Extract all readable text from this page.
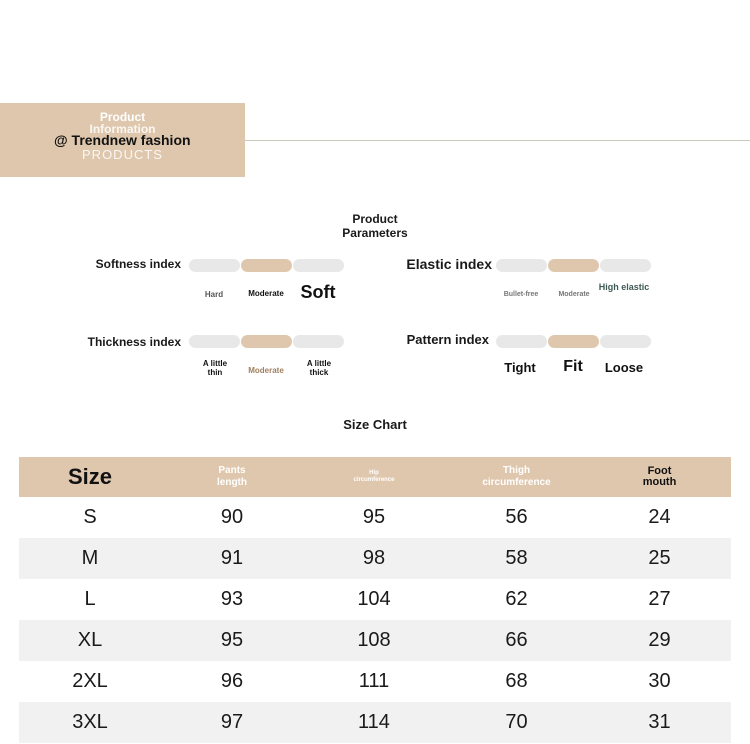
Product
Information
PRODUCTS
@ Trendnew fashion
Product
Parameters
Softness index
Hard	Moderate Soft
Elastic index
Bullet-free	Moderate
High elastic
Thickness index
A little thin	Moderate
A little thick
Pattern index
Tight	Fit	Loose
Size Chart
Size	Pants length	Hip circumference	Thigh circumference	Foot mouth

S	90	95	56	24
M	91	98	58	25
L	93	104	62	27
XL	95	108	66	29
2XL	96	111	68	30
3XL	97	114	70	31
